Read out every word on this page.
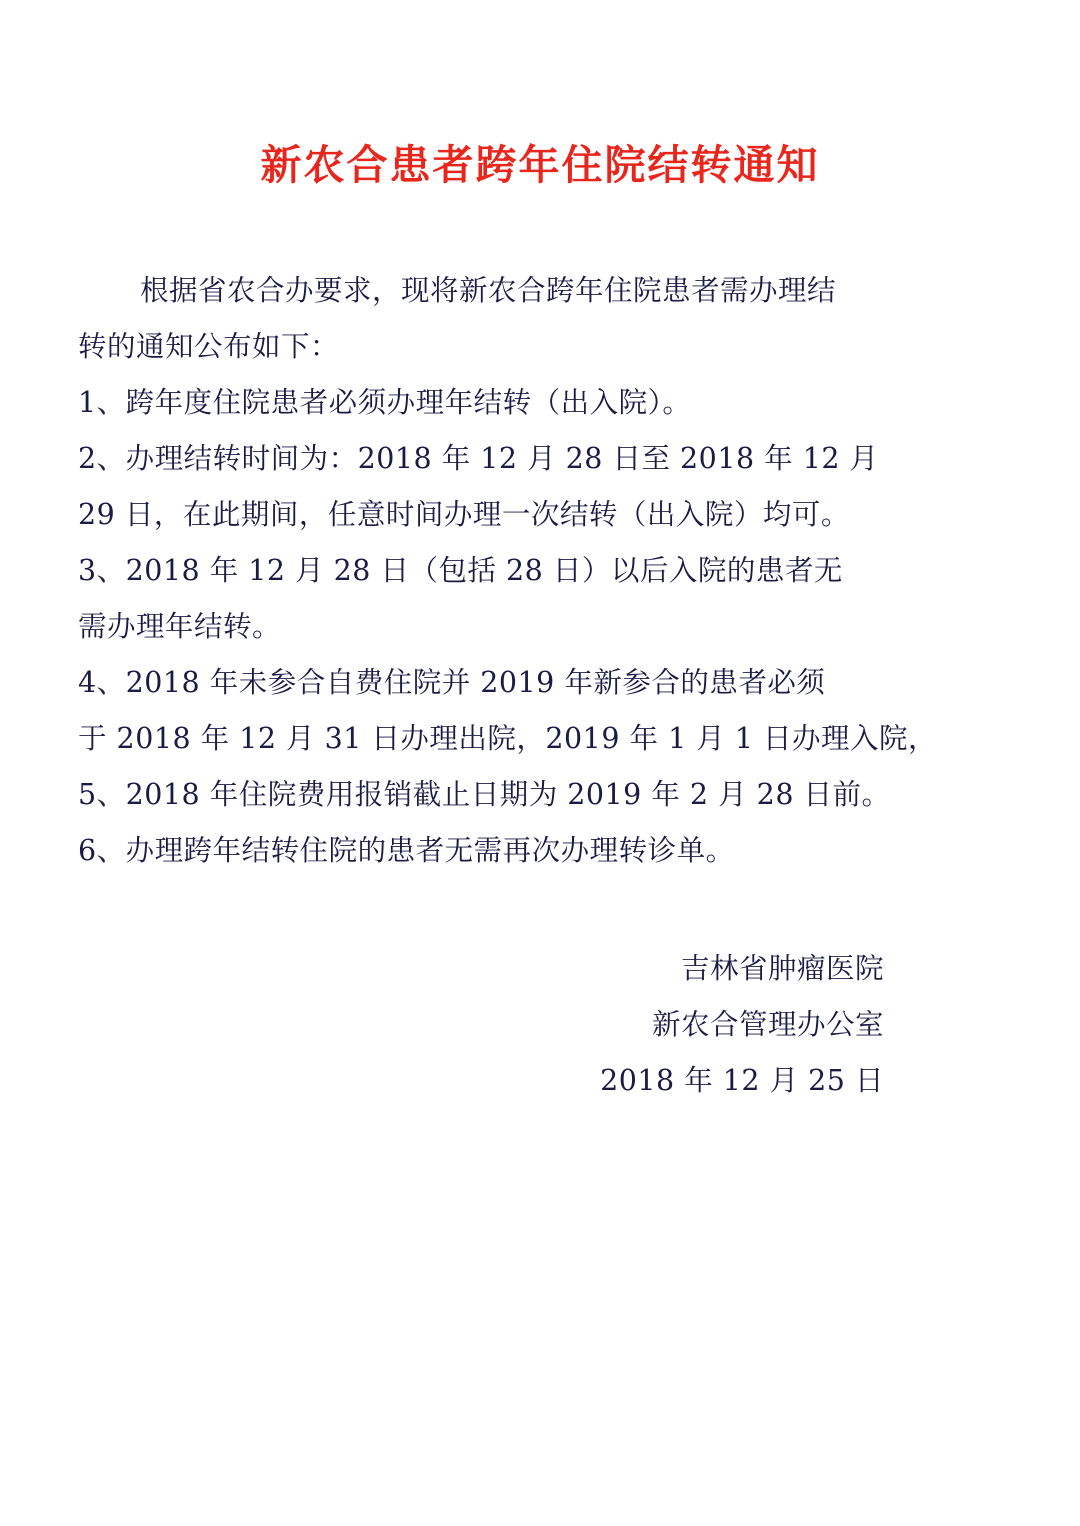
新农合患者跨年住院结转通知

根据省农合办要求，现将新农合跨年住院患者需办理结

转的通知公布如下：

1、跨年度住院患者必须办理年结转（出入院）。

2、办理结转时间为：2018 年 12 月 28 日至 2018 年 12 月

29 日，在此期间，任意时间办理一次结转（出入院）均可。

3、2018 年 12 月 28 日（包括 28 日）以后入院的患者无

需办理年结转。

4、2018 年未参合自费住院并 2019 年新参合的患者必须

于 2018 年 12 月 31 日办理出院，2019 年 1 月 1 日办理入院，

5、2018 年住院费用报销截止日期为 2019 年 2 月 28 日前。

6、办理跨年结转住院的患者无需再次办理转诊单。

吉林省肿瘤医院

新农合管理办公室

2018 年 12 月 25 日
